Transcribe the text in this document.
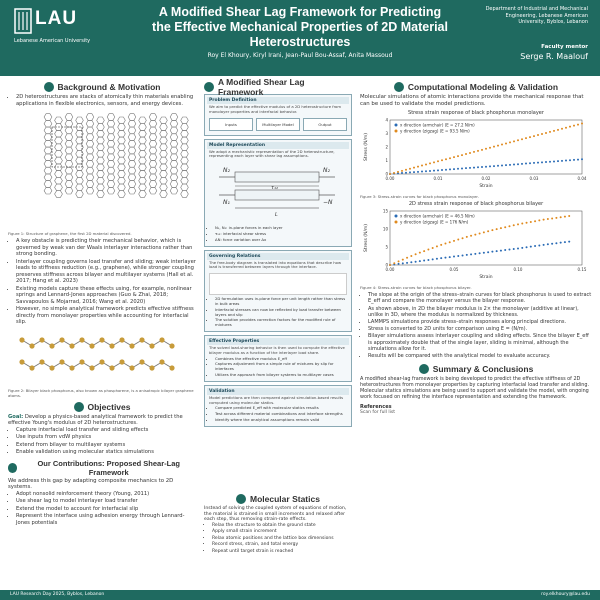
LAU
Lebanese American University
A Modified Shear Lag Framework for Predicting the Effective Mechanical Properties of 2D Material Heterostructures
Roy El Khoury, Kiryl Irani, Jean-Paul Bou-Assaf, Anita Massoud
Department of Industrial and Mechanical Engineering, Lebanese American University, Byblos, Lebanon
Faculty mentor
Serge R. Maalouf
Background & Motivation
• 2D heterostructures are stacks of atomically thin materials enabling applications in flexible electronics, sensors, and energy devices.
Figure 1: Structure of graphene, the first 2D material discovered.
• A key obstacle is predicting their mechanical behavior, which is governed by weak van der Waals interlayer interactions rather than strong bonding.
• Interlayer coupling governs load transfer and sliding; weak interlayer leads to stiffness reduction (e.g., graphene), while stronger coupling preserves stiffness across bilayer and multilayer systems (Hall et al. 2017; Hang et al. 2023)
• Existing models capture these effects using, for example, nonlinear springs and Lennard-Jones approaches (Guo & Zhai, 2018; Savvapoulos & Mojarrad, 2016; Wang et al. 2020)
• However, no simple analytical framework predicts effective stiffness directly from monolayer properties while accounting for interfacial slip.
Figure 2: Bilayer black phosphorus, also known as phosphorene, is a anisotropic bilayer graphene atoms.
Objectives
Goal: Develop a physics-based analytical framework to predict the effective Young's modulus of 2D heterostructures.
• Capture interfacial load transfer and sliding effects
• Use inputs from vdW physics
• Extend from bilayer to multilayer systems
• Enable validation using molecular statics simulations
Our Contributions: Proposed Shear-Lag Framework
We address this gap by adapting composite mechanics to 2D systems.
• Adopt nonsolid reinforcement theory (Young, 2011)
• Use shear lag to model interlayer load transfer
• Extend the model to account for interfacial slip
• Represent the interface using adhesion energy through Lennard-Jones potentials
A Modified Shear Lag Framework
Problem Definition
We aim to predict the effective modulus of a 2D heterostructure from monolayer properties and interfacial behavior.
Inputs	Multilayer Model	Output
Model Representation
We adopt a mechanistic representation of the 2D heterostructure, representing each layer with shear lag assumptions.
N₂	N₂
τ₁₂
N₁	−N
L
• N₁, N₂: in-plane forces in each layer
• τ₁₂: interfacial shear stress
• ΔN: force variation over Δx
Governing Relations
The free-body diagram is translated into equations that describe how load is transferred between layers through the interface.
• 2D formulation uses in-plane force per unit length rather than stress in bulk areas
• Interfacial stresses can now be reflected by load transfer between layers and slip
• The solution provides correction factors for the modified rule of mixtures
Effective Properties
The solved load-sharing behavior is then used to compute the effective bilayer modulus as a function of the interlayer load share.
• Combines the effective modulus E_eff
• Captures adjustment from a simple rule of mixtures by slip for interfaces
• Utilizes the approach from bilayer systems to multilayer cases
Validation
Model predictions are then compared against simulation-based results computed using molecular statics.
• Compare predicted E_eff with molecular statics results
• Test across different material combinations and interface strengths
• Identify where the analytical assumptions remain valid
Molecular Statics
Instead of solving the coupled system of equations of motion, the material is strained in small increments and relaxed after each step, thus removing strain-rate effects.
• Relax the structure to obtain the ground state
• Apply small strain increment
• Relax atomic positions and the lattice box dimensions
• Record stress, strain, and total energy
• Repeat until target strain is reached
Computational Modeling & Validation
Molecular simulations of atomic interactions provide the mechanical response that can be used to validate the model predictions.
Stress strain response of black phosphorus monolayer
0.00	0.01	0.02	0.03	0.04
0
1
2
3
4
Strain
Stress (N/m)
x direction (armchair) (E = 27.2 N/m)
y direction (zigzag) (E = 93.5 N/m)
Figure 3: Stress-strain curves for black phosphorus monolayer.
2D stress strain response of black phosphorus bilayer
0.00	0.05	0.10	0.15
0
5
10
15
Strain
Stress (N/m)
x direction (armchair) (E = 46.5 N/m)
y direction (zigzag) (E = 176 N/m)
Figure 4: Stress-strain curves for black phosphorus bilayer.
• The slope at the origin of the stress–strain curves for black phosphorus is used to extract E_eff and compare the monolayer versus the bilayer response.
• As shown above, in 2D the bilayer modulus is 2× the monolayer (additive at linear), unlike in 3D, where the modulus is normalized by thickness.
• LAMMPS simulations provide stress–strain responses along principal directions.
• Stress is converted to 2D units for comparison using E = (N/m).
• Bilayer simulations assess interlayer coupling and sliding effects. Since the bilayer E_eff is approximately double that of the single layer, sliding is minimal, although the simulations allow for it.
• Results will be compared with the analytical model to evaluate accuracy.
Summary & Conclusions
A modified shear-lag framework is being developed to predict the effective stiffness of 2D heterostructures from monolayer properties by capturing interfacial load transfer and sliding. Molecular statics simulations are being used to support and validate the model, with ongoing work focused on refining the interface representation and extending the framework.
References
Scan for full list
LAU Research Day 2025, Byblos, Lebanon	roy.elkhoury@lau.edu
